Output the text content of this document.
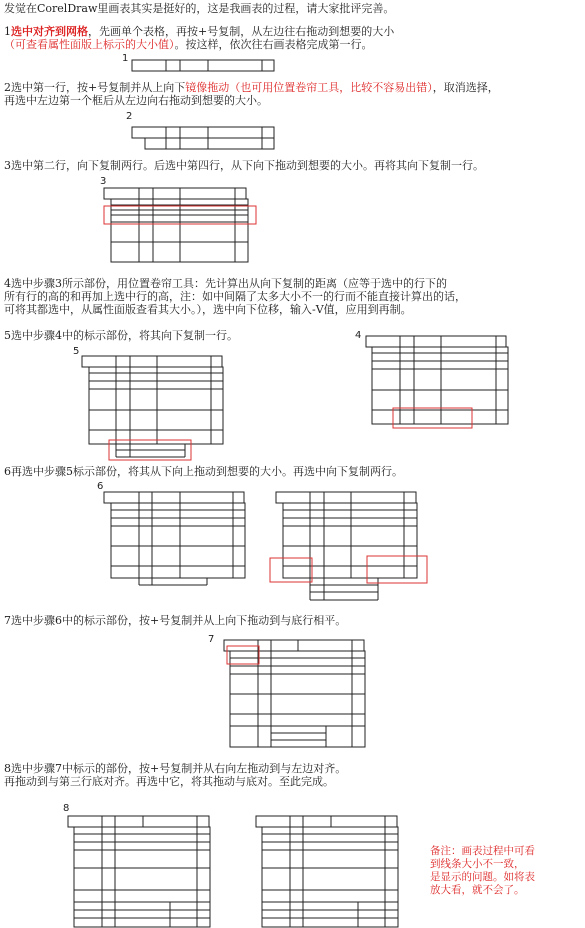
发觉在CorelDraw里画表其实是挺好的，这是我画表的过程，请大家批评完善。
1选中对齐到网格，先画单个表格，再按+号复制，从左边往右拖动到想要的大小
（可查看属性面版上标示的大小值）。按这样，依次往右画表格完成第一行。
2选中第一行，按+号复制并从上向下镜像拖动（也可用位置卷帘工具，比较不容易出错），取消选择，
再选中左边第一个框后从左边向右拖动到想要的大小。
3选中第二行，向下复制两行。后选中第四行，从下向下拖动到想要的大小。再将其向下复制一行。
4选中步骤3所示部份，用位置卷帘工具：先计算出从向下复制的距离（应等于选中的行下的
所有行的高的和再加上选中行的高，注：如中间隔了太多大小不一的行而不能直接计算出的话，
可将其都选中，从属性面版查看其大小。），选中向下位移，输入-V值，应用到再制。
5选中步骤4中的标示部份，将其向下复制一行。
6再选中步骤5标示部份，将其从下向上拖动到想要的大小。再选中向下复制两行。
7选中步骤6中的标示部份，按+号复制并从上向下拖动到与底行相平。
8选中步骤7中标示的部份，按+号复制并从右向左拖动到与左边对齐。
再拖动到与第三行底对齐。再选中它，将其拖动与底对。至此完成。
1
2
3
4
5
6
7
8
备注：画表过程中可看
到线条大小不一致，
是显示的问题。如将表
放大看，就不会了。
